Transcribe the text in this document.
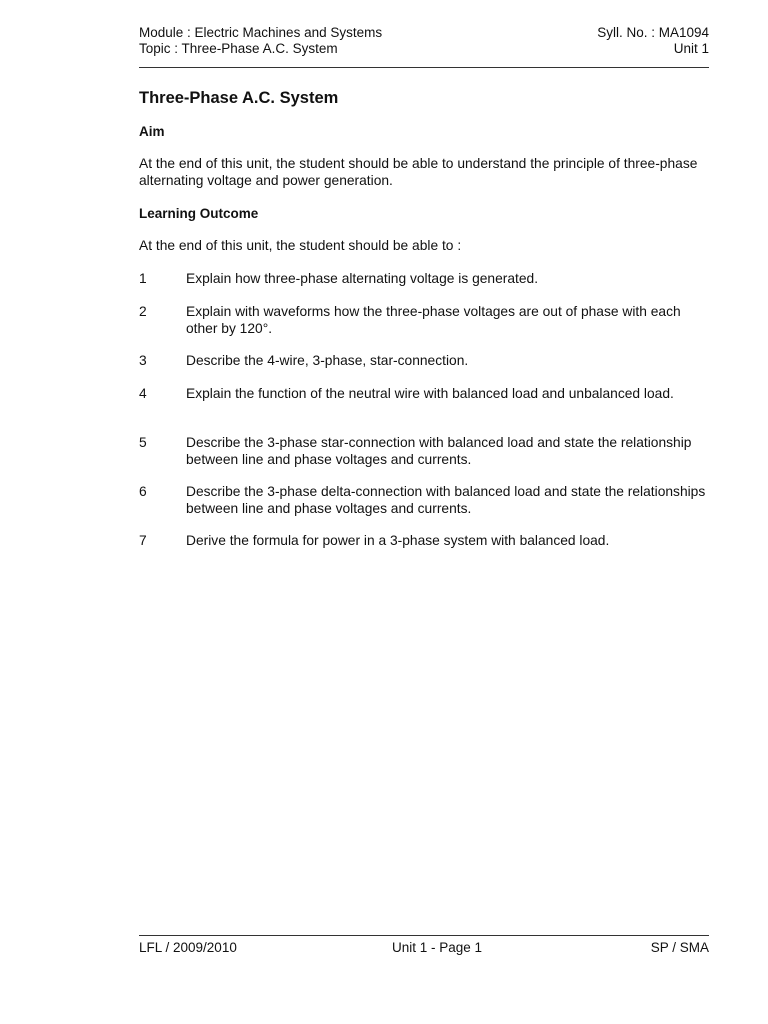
Module : Electric Machines and Systems	Syll. No. : MA1094
Topic : Three-Phase A.C. System	Unit 1
Three-Phase A.C. System
Aim
At the end of this unit, the student should be able to understand the principle of three-phase alternating voltage and power generation.
Learning Outcome
At the end of this unit, the student should be able to :
1	Explain how three-phase alternating voltage is generated.
2	Explain with waveforms how the three-phase voltages are out of phase with each other by 120°.
3	Describe the 4-wire, 3-phase, star-connection.
4	Explain the function of the neutral wire with balanced load and unbalanced load.
5	Describe the 3-phase star-connection with balanced load and state the relationship between line and phase voltages and currents.
6	Describe the 3-phase delta-connection with balanced load and state the relationships between line and phase voltages and currents.
7	Derive the formula for power in a 3-phase system with balanced load.
LFL / 2009/2010	Unit 1 - Page 1	SP / SMA
